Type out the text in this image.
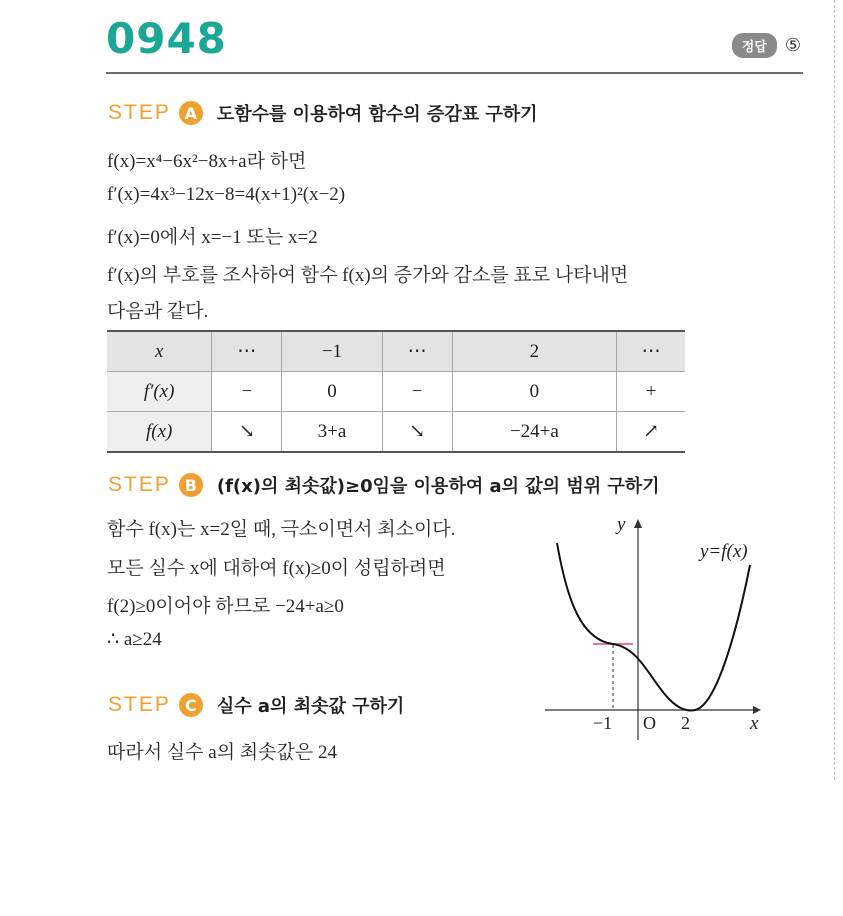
0948	정답	⑤
STEP A	도함수를 이용하여 함수의 증감표 구하기
f(x)=x⁴−6x²−8x+a라 하면
f′(x)=4x³−12x−8=4(x+1)²(x−2)
f′(x)=0에서 x=−1 또는 x=2
f′(x)의 부호를 조사하여 함수 f(x)의 증가와 감소를 표로 나타내면
다음과 같다.
x	⋯	−1	⋯	2	⋯
f′(x)	−	0	−	0	+
f(x)	↘	3+a	↘	−24+a	↗
STEP B	(f(x)의 최솟값)≥0임을 이용하여 a의 값의 범위 구하기
함수 f(x)는 x=2일 때, 극소이면서 최소이다.
모든 실수 x에 대하여 f(x)≥0이 성립하려면
f(2)≥0이어야 하므로 −24+a≥0
∴ a≥24
y
y=f(x)
x
O
−1	2
STEP C	실수 a의 최솟값 구하기
따라서 실수 a의 최솟값은 24
